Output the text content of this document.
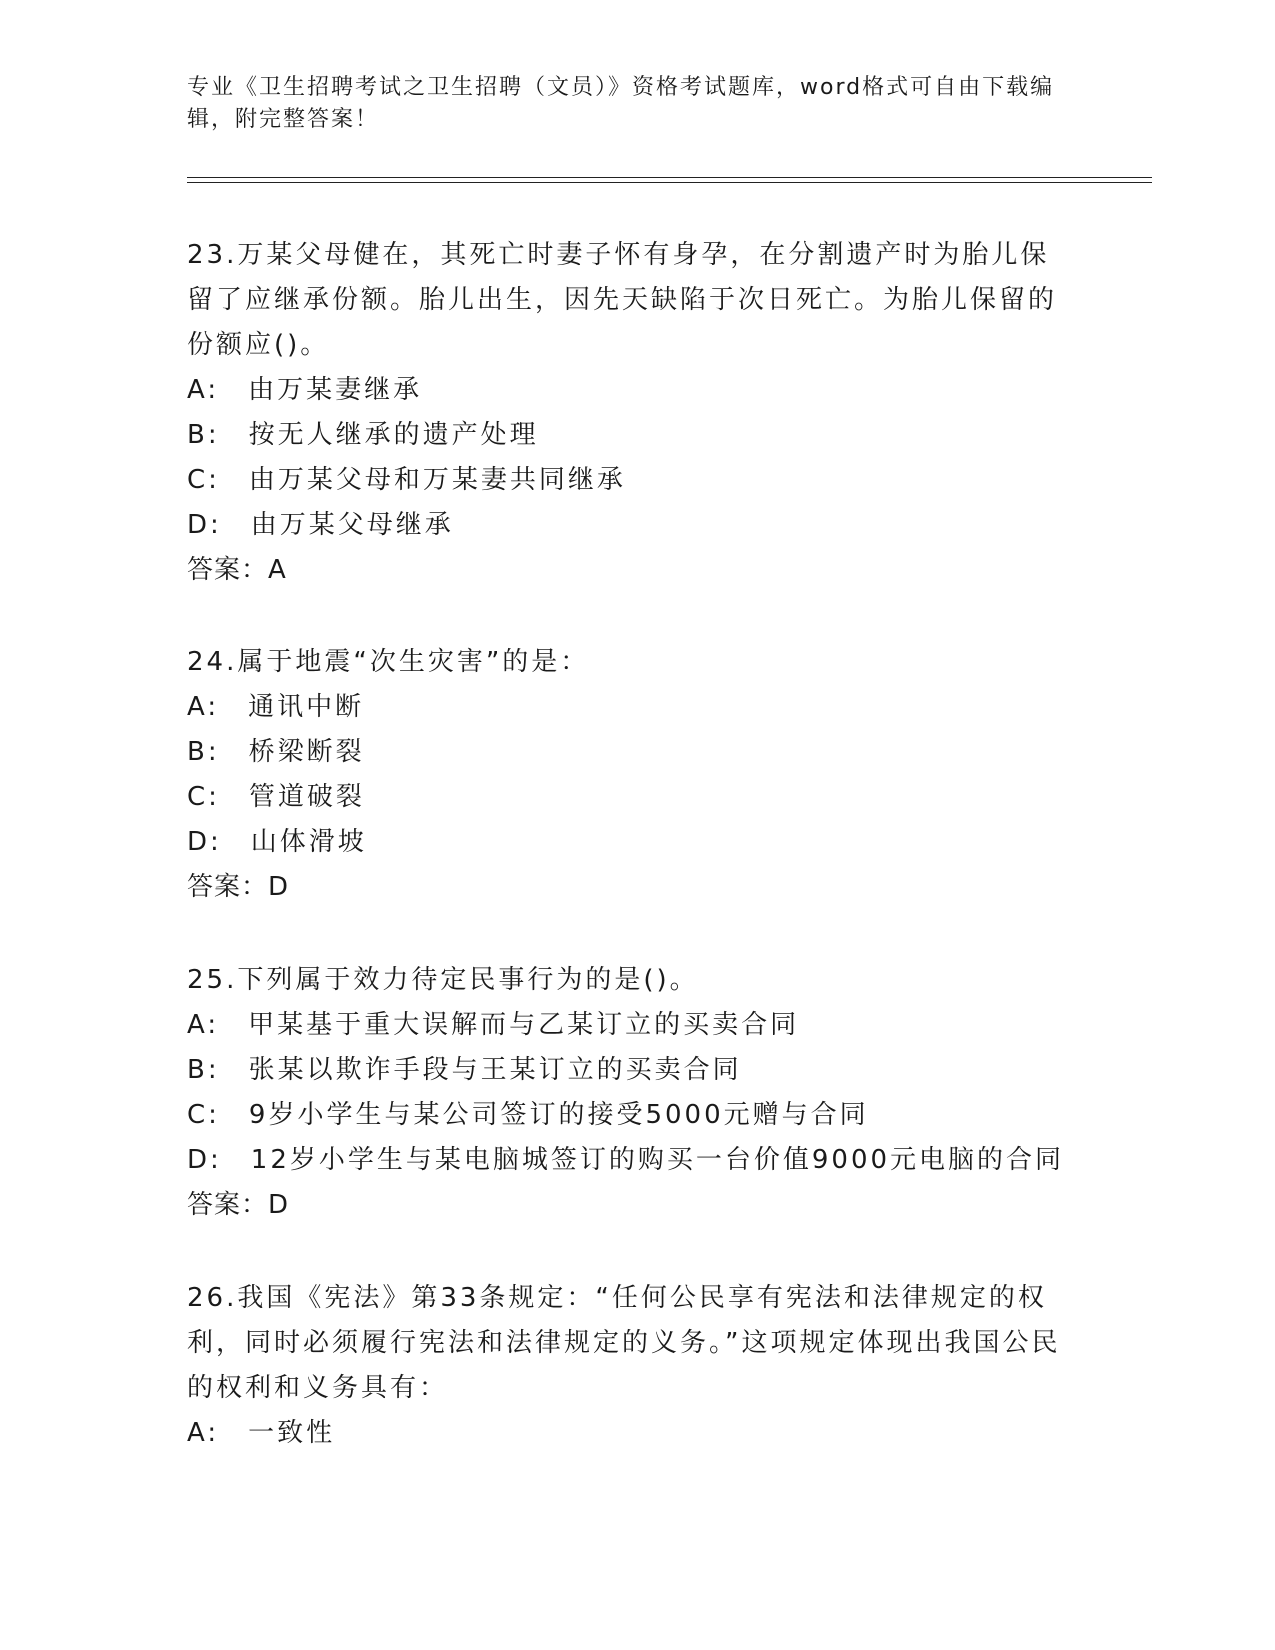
专业《卫生招聘考试之卫生招聘（文员）》资格考试题库，word格式可自由下载编辑，附完整答案！
23.万某父母健在，其死亡时妻子怀有身孕，在分割遗产时为胎儿保留了应继承份额。胎儿出生，因先天缺陷于次日死亡。为胎儿保留的份额应()。
A:　由万某妻继承
B:　按无人继承的遗产处理
C:　由万某父母和万某妻共同继承
D:　由万某父母继承
答案：A
24.属于地震“次生灾害”的是：
A:　通讯中断
B:　桥梁断裂
C:　管道破裂
D:　山体滑坡
答案：D
25.下列属于效力待定民事行为的是()。
A:　甲某基于重大误解而与乙某订立的买卖合同
B:　张某以欺诈手段与王某订立的买卖合同
C:　9岁小学生与某公司签订的接受5000元赠与合同
D:　12岁小学生与某电脑城签订的购买一台价值9000元电脑的合同
答案：D
26.我国《宪法》第33条规定：“任何公民享有宪法和法律规定的权利，同时必须履行宪法和法律规定的义务。”这项规定体现出我国公民的权利和义务具有：
A:　一致性
